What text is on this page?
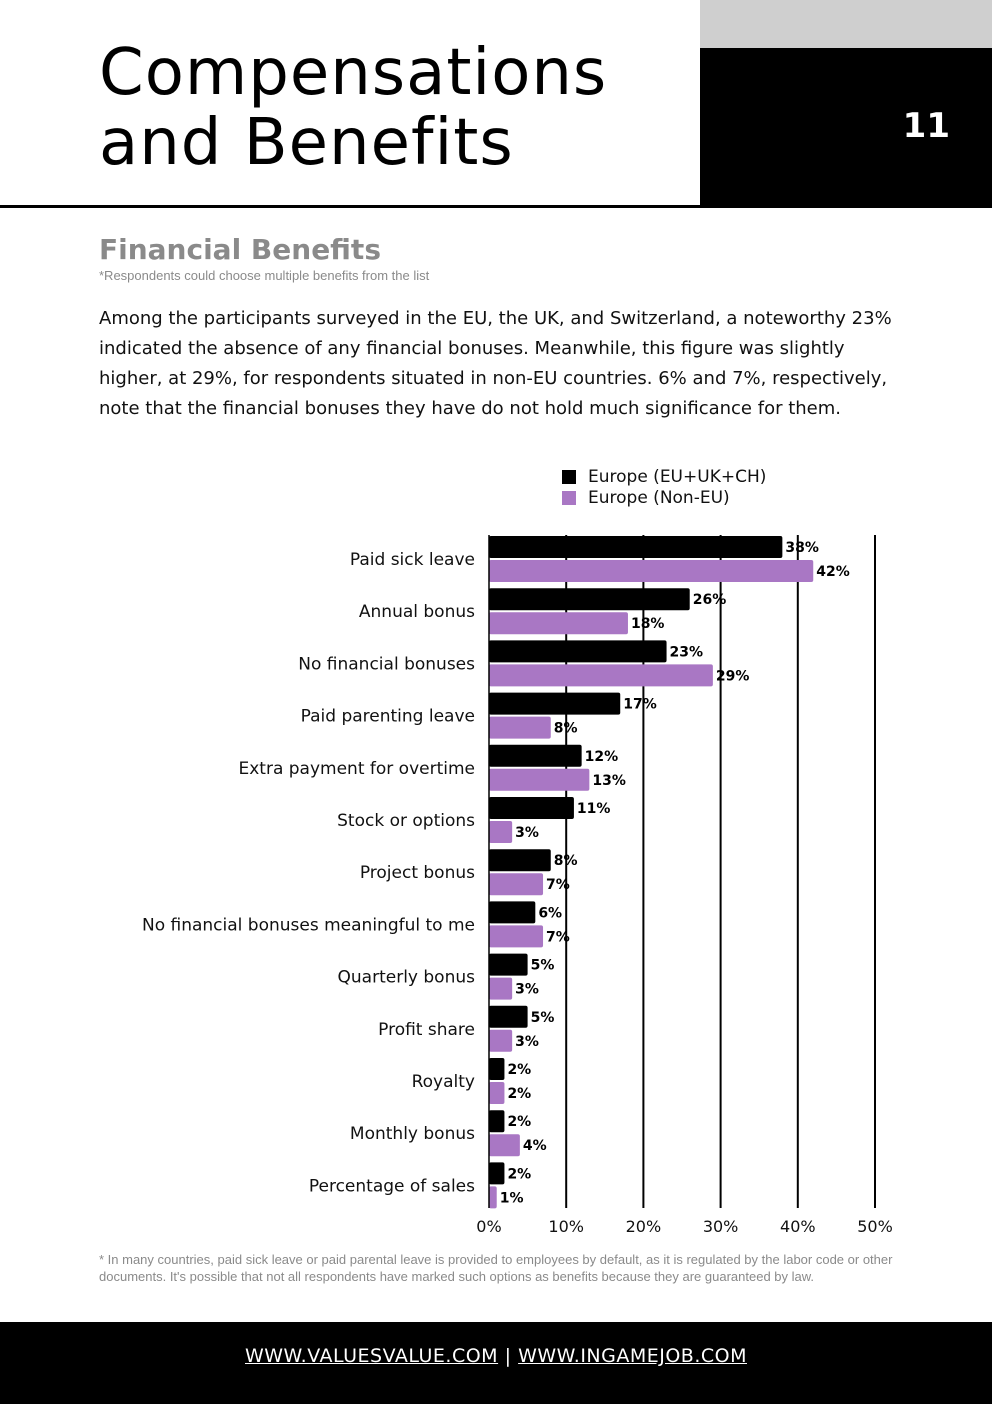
11
Compensations
and Benefits
Financial Benefits
*Respondents could choose multiple benefits from the list

Among the participants surveyed in the EU, the UK, and Switzerland, a noteworthy 23% indicated the absence of any financial bonuses. Meanwhile, this figure was slightly higher, at 29%, for respondents situated in non-EU countries. 6% and 7%, respectively, note that the financial bonuses they have do not hold much significance for them.

Europe (EU+UK+CH)
Europe (Non-EU)
0%	10%	20%	30%	40%	50%
Paid sick leave
38%
42%
Annual bonus
26%
18%
No financial bonuses
23%
29%
Paid parenting leave
17%
8%
Extra payment for overtime
12%
13%
Stock or options
11%
3%
Project bonus
8%
7%
No financial bonuses meaningful to me
6%
7%
Quarterly bonus
5%
3%
Profit share
5%
3%
Royalty
2%
2%
Monthly bonus
2%
4%
Percentage of sales
2%
1%

* In many countries, paid sick leave or paid parental leave is provided to employees by default, as it is regulated by the labor code or other documents. It's possible that not all respondents have marked such options as benefits because they are guaranteed by law.

WWW.VALUESVALUE.COM | WWW.INGAMEJOB.COM
